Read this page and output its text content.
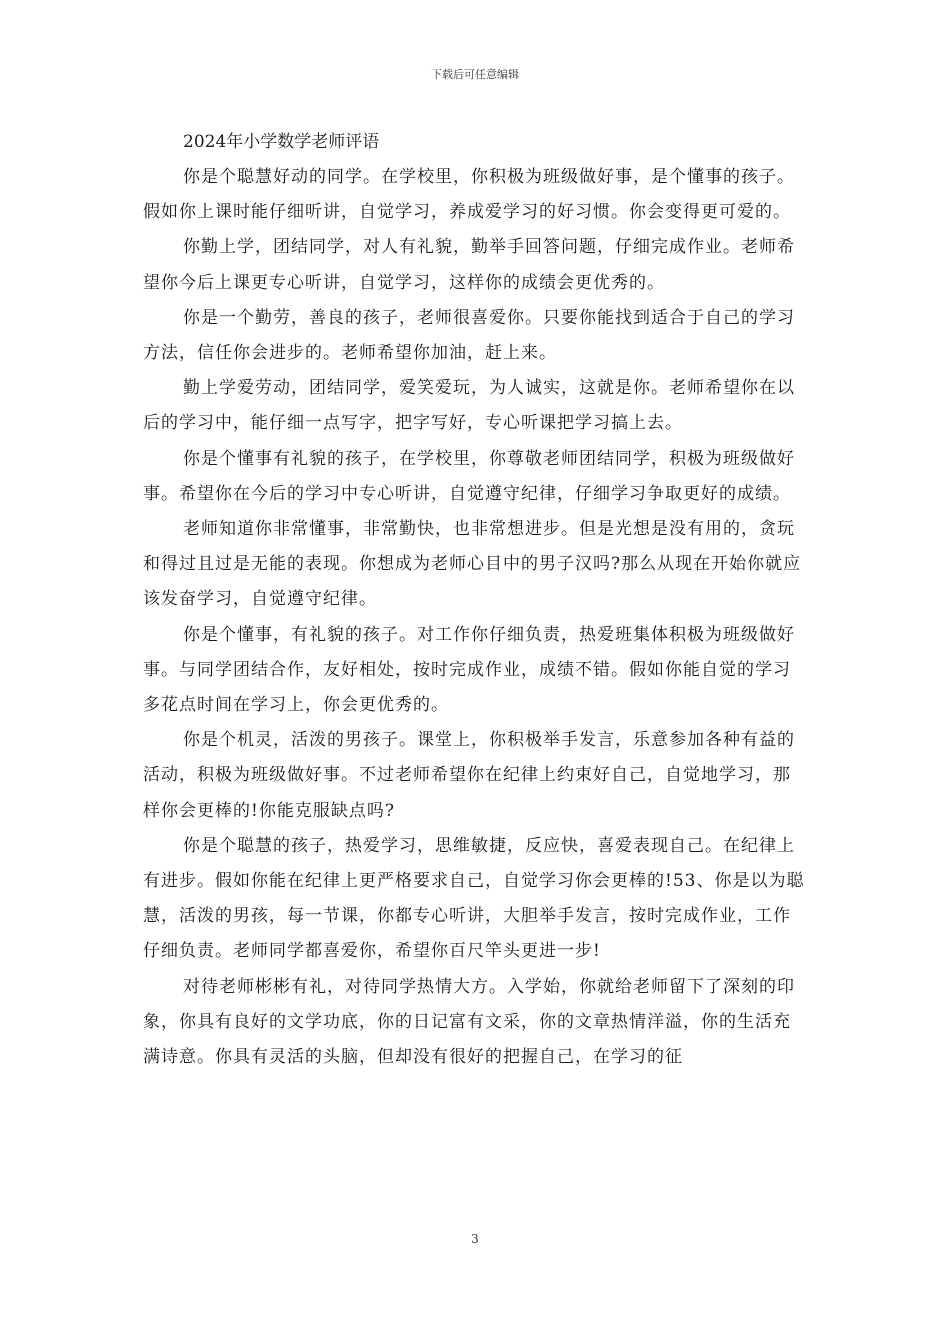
下载后可任意编辑

2024年小学数学老师评语

你是个聪慧好动的同学。在学校里，你积极为班级做好事，是个懂事的孩子。假如你上课时能仔细听讲，自觉学习，养成爱学习的好习惯。你会变得更可爱的。

你勤上学，团结同学，对人有礼貌，勤举手回答问题，仔细完成作业。老师希望你今后上课更专心听讲，自觉学习，这样你的成绩会更优秀的。

你是一个勤劳，善良的孩子，老师很喜爱你。只要你能找到适合于自己的学习方法，信任你会进步的。老师希望你加油，赶上来。

勤上学爱劳动，团结同学，爱笑爱玩，为人诚实，这就是你。老师希望你在以后的学习中，能仔细一点写字，把字写好，专心听课把学习搞上去。

你是个懂事有礼貌的孩子，在学校里，你尊敬老师团结同学，积极为班级做好事。希望你在今后的学习中专心听讲，自觉遵守纪律，仔细学习争取更好的成绩。

老师知道你非常懂事，非常勤快，也非常想进步。但是光想是没有用的，贪玩和得过且过是无能的表现。你想成为老师心目中的男子汉吗?那么从现在开始你就应该发奋学习，自觉遵守纪律。

你是个懂事，有礼貌的孩子。对工作你仔细负责，热爱班集体积极为班级做好事。与同学团结合作，友好相处，按时完成作业，成绩不错。假如你能自觉的学习多花点时间在学习上，你会更优秀的。

你是个机灵，活泼的男孩子。课堂上，你积极举手发言，乐意参加各种有益的活动，积极为班级做好事。不过老师希望你在纪律上约束好自己，自觉地学习，那样你会更棒的!你能克服缺点吗?

你是个聪慧的孩子，热爱学习，思维敏捷，反应快，喜爱表现自己。在纪律上有进步。假如你能在纪律上更严格要求自己，自觉学习你会更棒的!53、你是以为聪慧，活泼的男孩，每一节课，你都专心听讲，大胆举手发言，按时完成作业，工作仔细负责。老师同学都喜爱你，希望你百尺竿头更进一步!

对待老师彬彬有礼，对待同学热情大方。入学始，你就给老师留下了深刻的印象，你具有良好的文学功底，你的日记富有文采，你的文章热情洋溢，你的生活充满诗意。你具有灵活的头脑，但却没有很好的把握自己，在学习的征

3
